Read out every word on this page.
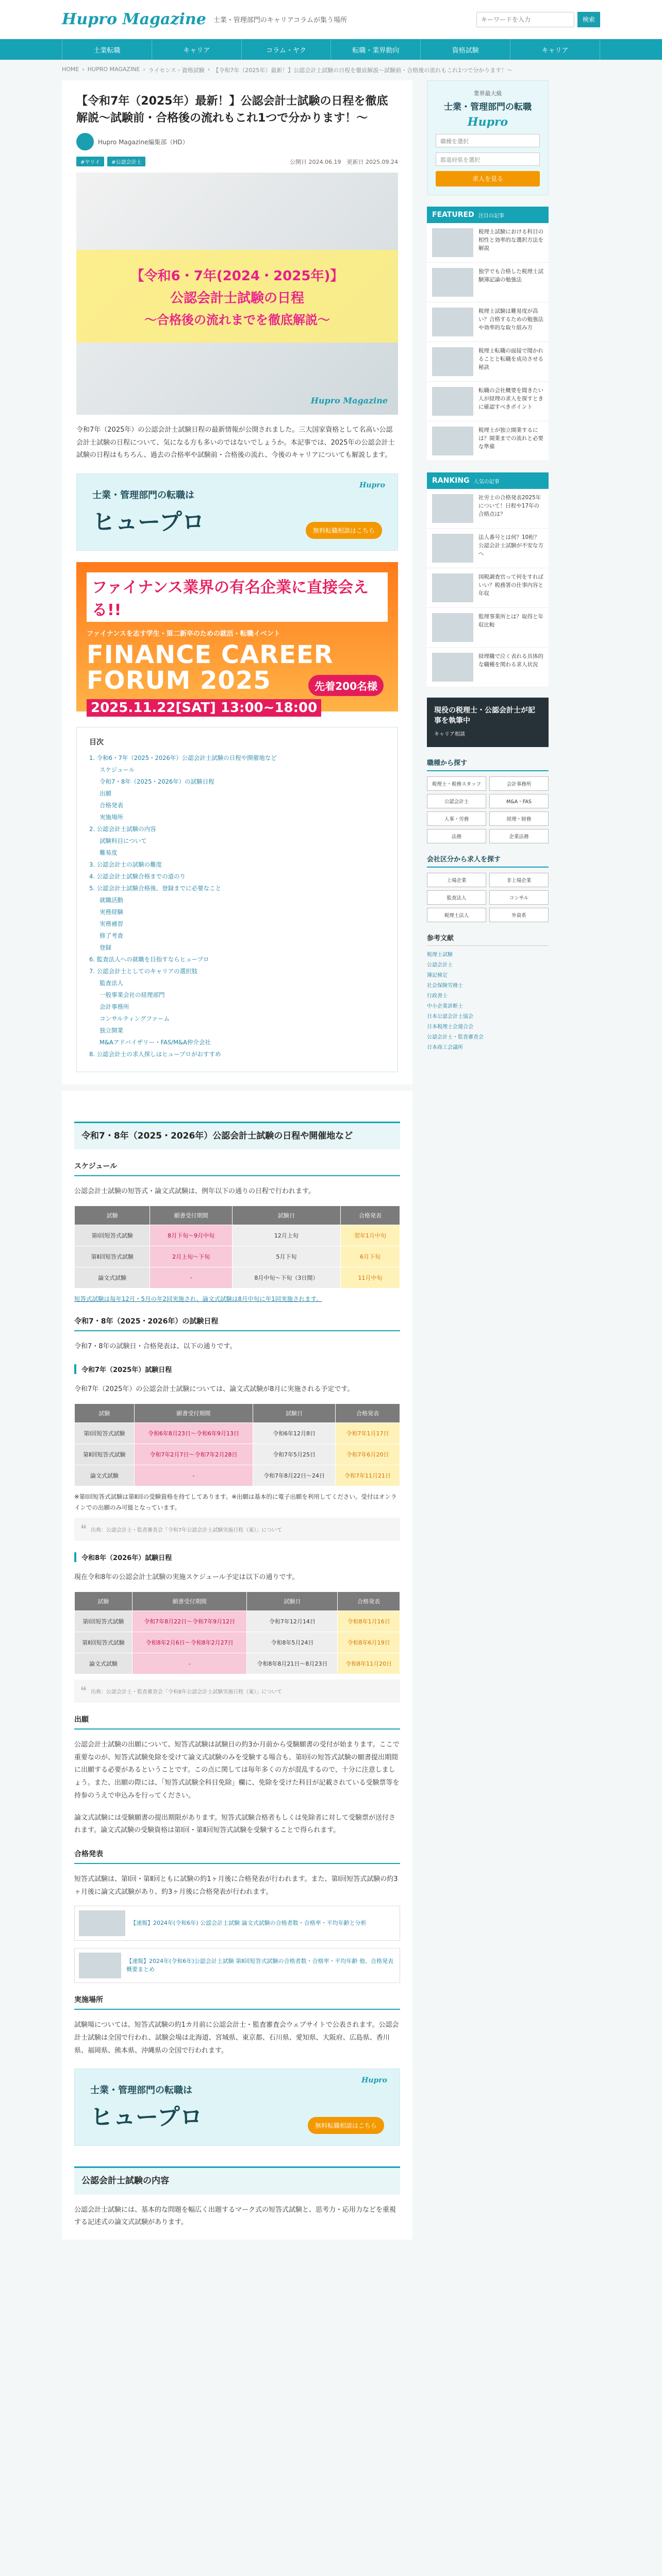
Hupro Magazine 士業・管理部門のキャリアコラムが集う場所
キーワードを入力	検索
士業転職	キャリア	コラム・ヤク	転職・業界動向	資格試験	キャリア
HOME › HUPRO MAGAZINE › ライセンス・資格試験 › 【令和7年（2025年）最新！】公認会計士試験の日程を徹底解説～試験前・合格後の流れもこれ1つで分かります！～
【令和7年（2025年）最新！】公認会計士試験の日程を徹底解説〜試験前・合格後の流れもこれ1つで分かります！〜
Hupro Magazine編集部（HD）
#ヤリイ	#公認会計士	公開日 2024.06.19　更新日 2025.09.24
【令和6・7年(2024・2025年)】
公認会計士試験の日程
～合格後の流れまでを徹底解説～
Hupro Magazine

令和7年（2025年）の公認会計士試験日程の最新情報が公開されました。三大国家資格として名高い公認会計士試験の日程について、気になる方も多いのではないでしょうか。本記事では、2025年の公認会計士試験の日程はもちろん、過去の合格率や試験前・合格後の流れ、今後のキャリアについても解説します。

士業・管理部門の転職は
ヒュープロ
Hupro
無料転職相談はこちら
ファイナンス業界の有名企業に直接会える!!
ファイナンスを志す学生・第二新卒のための就活・転職イベント
FINANCE CAREER FORUM 2025
2025.11.22[SAT] 13:00~18:00
先着200名様
目次
1. 令和6・7年（2025・2026年）公認会計士試験の日程や開催地など
スケジュール
令和7・8年（2025・2026年）の試験日程
出願
合格発表
実施場所
2. 公認会計士試験の内容
試験科目について
難易度
3. 公認会計士の試験の難度
4. 公認会計士試験合格までの道のり
5. 公認会計士試験合格後、登録までに必要なこと
就職活動
実務経験
実務補習
修了考査
登録
6. 監査法人への就職を目指すならヒュープロ
7. 公認会計士としてのキャリアの選択肢
監査法人
一般事業会社の経理部門
会計事務所
コンサルティングファーム
独立開業
M&Aアドバイザリー・FAS/M&A仲介会社
8. 公認会計士の求人探しはヒュープロがおすすめ
令和7・8年（2025・2026年）公認会計士試験の日程や開催地など
スケジュール

公認会計士試験の短答式・論文式試験は、例年以下の通りの日程で行われます。

試験	願書受付期間	試験日	合格発表
第Ⅰ回短答式試験	8月下旬～9月中旬	12月上旬	翌年1月中旬
第Ⅱ回短答式試験	2月上旬～下旬	5月下旬	6月下旬
論文式試験	-	8月中旬～下旬（3日間）	11月中旬

短答式試験は毎年12月・5月の年2回実施され、論文式試験は8月中旬に年1回実施されます。

令和7・8年（2025・2026年）の試験日程

令和7・8年の試験日・合格発表は、以下の通りです。

令和7年（2025年）試験日程

令和7年（2025年）の公認会計士試験については、論文式試験が8月に実施される予定です。

試験	願書受付期間	試験日	合格発表
第Ⅰ回短答式試験	令和6年8月23日～令和6年9月13日	令和6年12月8日	令和7年1月17日
第Ⅱ回短答式試験	令和7年2月7日～令和7年2月28日	令和7年5月25日	令和7年6月20日
論文式試験	-	令和7年8月22日～24日	令和7年11月21日

※第Ⅰ回短答式試験は第Ⅱ回の受験資格を持てしてあります。※出願は基本的に電子出願を利用してください。受付はオンラインでの出願のみ可能となっています。

❝ 出典：公認会計士・監査審査会「令和7年公認会計士試験実施日程（案）」について
令和8年（2026年）試験日程

現在令和8年の公認会計士試験の実施スケジュール予定は以下の通りです。

試験	願書受付期間	試験日	合格発表
第Ⅰ回短答式試験	令和7年8月22日～令和7年9月12日	令和7年12月14日	令和8年1月16日
第Ⅱ回短答式試験	令和8年2月6日～令和8年2月27日	令和8年5月24日	令和8年6月19日
論文式試験	-	令和8年8月21日～8月23日	令和8年11月20日
❝ 出典：公認会計士・監査審査会「令和8年公認会計士試験実施日程（案）」について
出願

公認会計士試験の出願について、短答式試験は試験日の約3か月前から受験願書の受付が始まります。ここで重要なのが、短答式試験免除を受けて論文式試験のみを受験する場合も、第Ⅰ回の短答式試験の願書提出期間に出願する必要があるということです。この点に関しては毎年多くの方が混乱するので、十分に注意しましょう。また、出願の際には、「短答式試験全科目免除」欄に、免除を受けた科目が記載されている受験票等を持参のうえで申込みを行ってください。

論文式試験には受験願書の提出期限があります。短答式試験合格者もしくは免除者に対して受験票が送付されます。論文式試験の受験資格は第Ⅰ回・第Ⅱ回短答式試験を受験することで得られます。

合格発表

短答式試験は、第Ⅰ回・第Ⅱ回ともに試験の約1ヶ月後に合格発表が行われます。また、第Ⅰ回短答式試験の約3ヶ月後に論文式試験があり、約3ヶ月後に合格発表が行われます。

【速報】2024年(令和6年) 公認会計士試験 論文式試験の合格者数・合格率・平均年齢と分析
【速報】2024年(令和6年)公認会計士試験 第Ⅱ回短答式試験の合格者数・合格率・平均年齢 他、合格発表概要まとめ
実施場所

試験場については、短答式試験の約1カ月前に公認会計士・監査審査会ウェブサイトで公表されます。公認会計士試験は全国で行われ、試験会場は北海道、宮城県、東京都、石川県、愛知県、大阪府、広島県、香川県、福岡県、熊本県、沖縄県の全国で行われます。

士業・管理部門の転職は
ヒュープロ
Hupro
無料転職相談はこちら
公認会計士試験の内容

公認会計士試験には、基本的な問題を幅広く出題するマーク式の短答式試験と、思考力・応用力などを重視する記述式の論文式試験があります。

業界最大級
士業・管理部門の転職
Hupro
職種を選択
都道府県を選択
求人を見る
FEATURED 注目の記事
税理士試験における科目の相性と効率的な選択方法を解説
独学でも合格した税理士試験簿記論の勉強法
税理士試験は難易度が高い？合格するための勉強法や効率的な取り組み方
税理士転職の面接で聞かれることと転職を成功させる秘訣
転職の会社概要を聞きたい人が経理の求人を探すときに確認すべきポイント
税理士が独立開業するには？開業までの流れと必要な準備
RANKING 人気の記事
社労士の合格発表2025年について！日程や17年の合格点は？
法人番号とは何？10桁？公認会計士試験が不安な方へ
国税調査官って何をすればいい？税務署の仕事内容と年収
監理事業所とは？取得と年収比較
経理職で泣く表れる具体的な職種を関わる求人状況
現役の税理士・公認会計士が記事を執筆中
キャリア相談
職種から探す
税理士・税務スタッフ	会計事務所
公認会計士	M&A・FAS
人事・労務	経理・財務
法務	企業法務
会社区分から求人を探す
上場企業	非上場企業
監査法人	コンサル
税理士法人	外資系
参考文献
税理士試験
公認会計士
簿記検定
社会保険労務士
行政書士
中小企業診断士
日本公認会計士協会
日本税理士会連合会
公認会計士・監査審査会
日本商工会議所
